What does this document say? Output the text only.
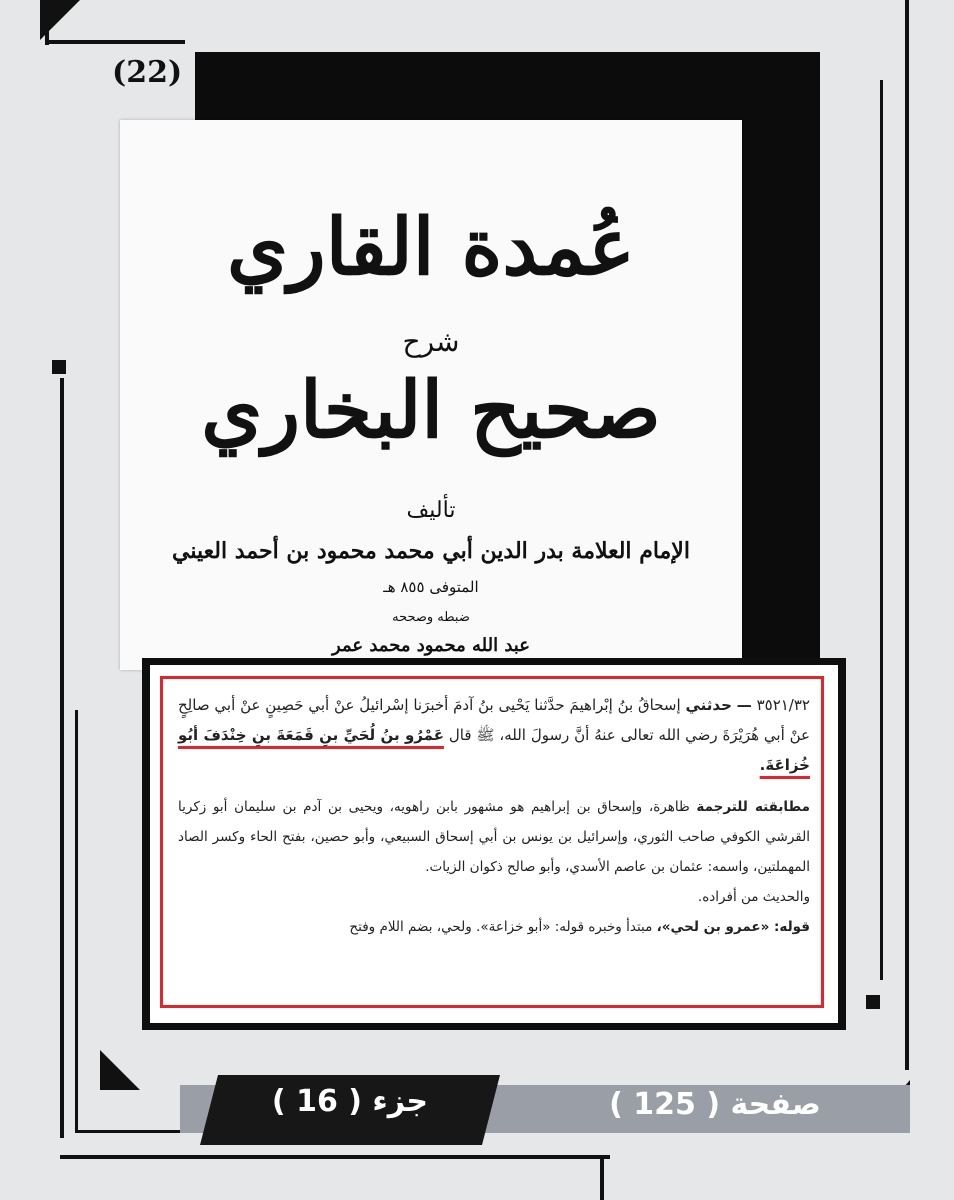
(22)
عُمدة القاري
شرح
صحيح البخاري
تأليف
الإمام العلامة بدر الدين أبي محمد محمود بن أحمد العيني
المتوفى ٨٥٥ هـ
ضبطه وصححه
عبد الله محمود محمد عمر

٣٥٢١/٣٢ — حدثني إسحاقُ بنُ إبْراهيمَ حدَّثنا يَحْيى بنُ آدمَ أخبرَنا إسْرائيلُ عنْ أبي حَصِينٍ عنْ أبي صالِحٍ عنْ أبي هُرَيْرَةَ رضي الله تعالى عنهُ أنَّ رسولَ الله، ﷺ قال عَمْرُو بنُ لُحَيِّ بنِ قَمَعَةَ بنِ خِنْدَفَ أبُو خُزاعَةَ.

مطابقته للترجمة ظاهرة، وإسحاق بن إبراهيم هو مشهور بابن راهويه، ويحيى بن آدم بن سليمان أبو زكريا القرشي الكوفي صاحب الثوري، وإسرائيل بن يونس بن أبي إسحاق السبيعي، وأبو حصين، بفتح الحاء وكسر الصاد المهملتين، واسمه: عثمان بن عاصم الأسدي، وأبو صالح ذكوان الزيات.

والحديث من أفراده.

قوله: «عمرو بن لحي»، مبتدأ وخبره قوله: «أبو خزاعة». ولحي، بضم اللام وفتح

جزء ( 16 )	صفحة ( 125 )
